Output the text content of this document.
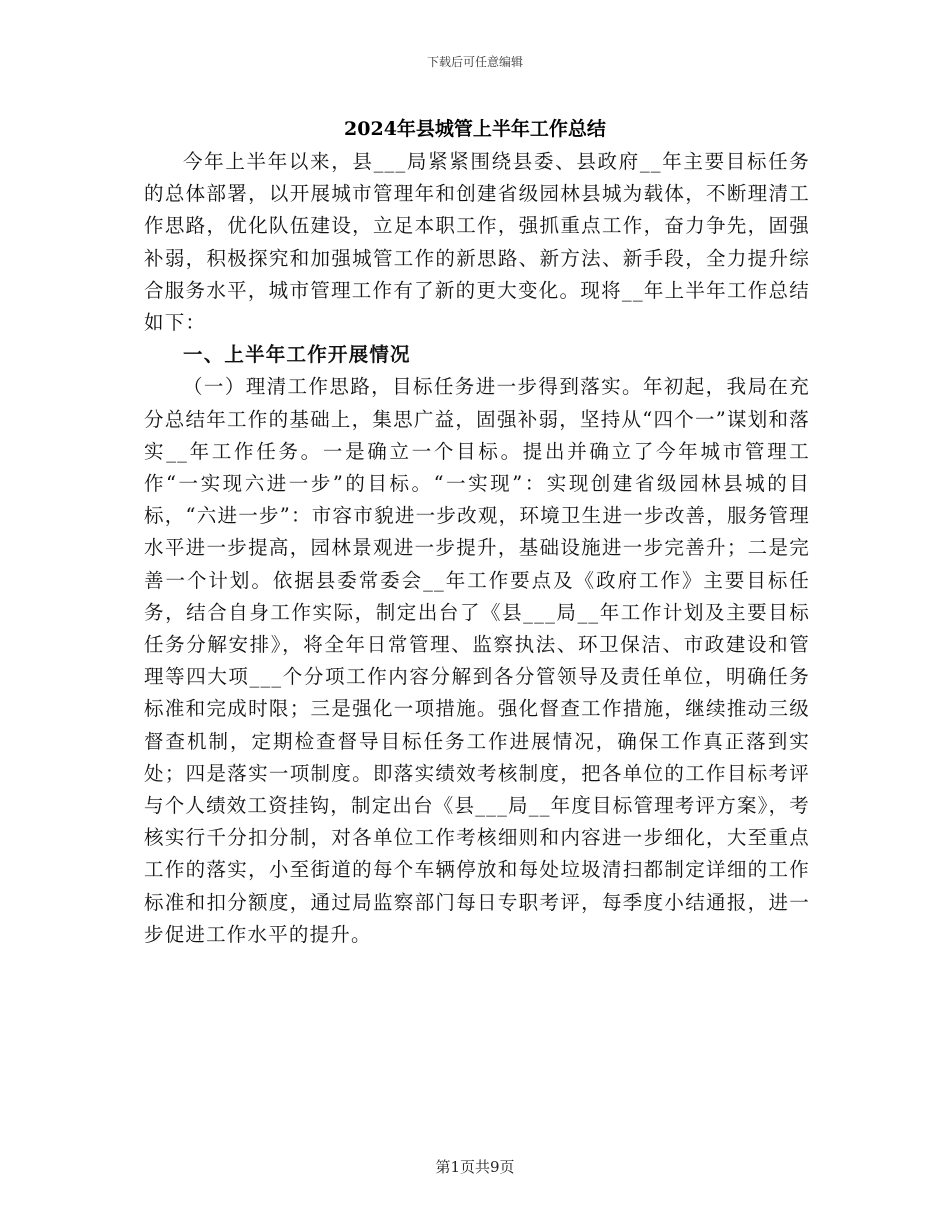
下载后可任意编辑
2024年县城管上半年工作总结

今年上半年以来，县___局紧紧围绕县委、县政府__年主要目标任务的总体部署，以开展城市管理年和创建省级园林县城为载体，不断理清工作思路，优化队伍建设，立足本职工作，强抓重点工作，奋力争先，固强补弱，积极探究和加强城管工作的新思路、新方法、新手段，全力提升综合服务水平，城市管理工作有了新的更大变化。现将__年上半年工作总结如下：

一、上半年工作开展情况

（一）理清工作思路，目标任务进一步得到落实。年初起，我局在充分总结年工作的基础上，集思广益，固强补弱，坚持从“四个一”谋划和落实__年工作任务。一是确立一个目标。提出并确立了今年城市管理工作“一实现六进一步”的目标。“一实现”：实现创建省级园林县城的目标，“六进一步”：市容市貌进一步改观，环境卫生进一步改善，服务管理水平进一步提高，园林景观进一步提升，基础设施进一步完善升；二是完善一个计划。依据县委常委会__年工作要点及《政府工作》主要目标任务，结合自身工作实际，制定出台了《县___局__年工作计划及主要目标任务分解安排》，将全年日常管理、监察执法、环卫保洁、市政建设和管理等四大项___个分项工作内容分解到各分管领导及责任单位，明确任务标准和完成时限；三是强化一项措施。强化督查工作措施，继续推动三级督查机制，定期检查督导目标任务工作进展情况，确保工作真正落到实处；四是落实一项制度。即落实绩效考核制度，把各单位的工作目标考评与个人绩效工资挂钩，制定出台《县___局__年度目标管理考评方案》，考核实行千分扣分制，对各单位工作考核细则和内容进一步细化，大至重点工作的落实，小至街道的每个车辆停放和每处垃圾清扫都制定详细的工作标准和扣分额度，通过局监察部门每日专职考评，每季度小结通报，进一步促进工作水平的提升。

第1页共9页
